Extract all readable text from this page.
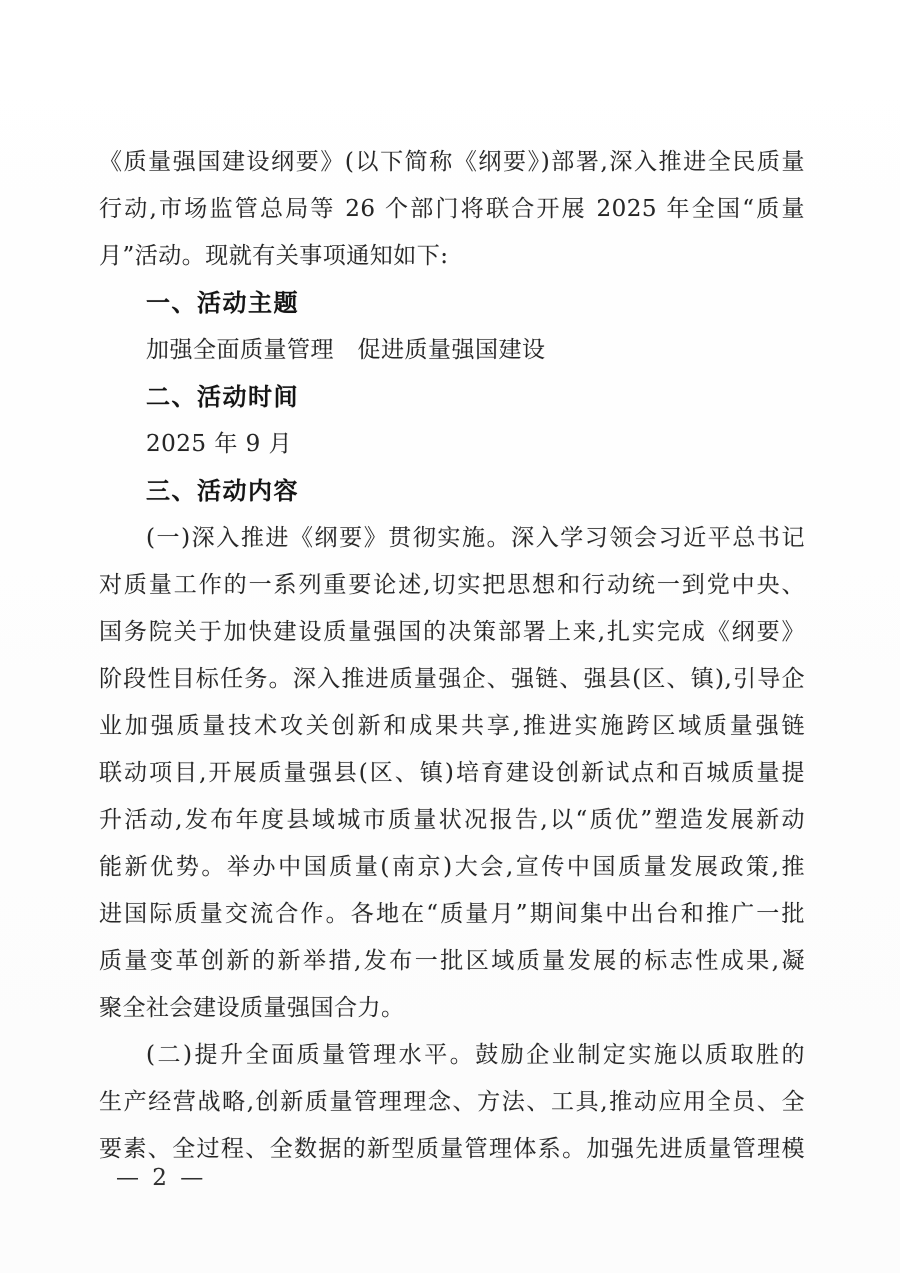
《质量强国建设纲要》(以下简称《纲要》)部署,深入推进全民质量
行动,市场监管总局等 26 个部门将联合开展 2025 年全国“质量
月”活动。现就有关事项通知如下:
一、活动主题
加强全面质量管理　促进质量强国建设
二、活动时间
2025 年 9 月
三、活动内容
(一)深入推进《纲要》贯彻实施。深入学习领会习近平总书记
对质量工作的一系列重要论述,切实把思想和行动统一到党中央、
国务院关于加快建设质量强国的决策部署上来,扎实完成《纲要》
阶段性目标任务。深入推进质量强企、强链、强县(区、镇),引导企
业加强质量技术攻关创新和成果共享,推进实施跨区域质量强链
联动项目,开展质量强县(区、镇)培育建设创新试点和百城质量提
升活动,发布年度县域城市质量状况报告,以“质优”塑造发展新动
能新优势。举办中国质量(南京)大会,宣传中国质量发展政策,推
进国际质量交流合作。各地在“质量月”期间集中出台和推广一批
质量变革创新的新举措,发布一批区域质量发展的标志性成果,凝
聚全社会建设质量强国合力。
(二)提升全面质量管理水平。鼓励企业制定实施以质取胜的
生产经营战略,创新质量管理理念、方法、工具,推动应用全员、全
要素、全过程、全数据的新型质量管理体系。加强先进质量管理模
— 2 —
